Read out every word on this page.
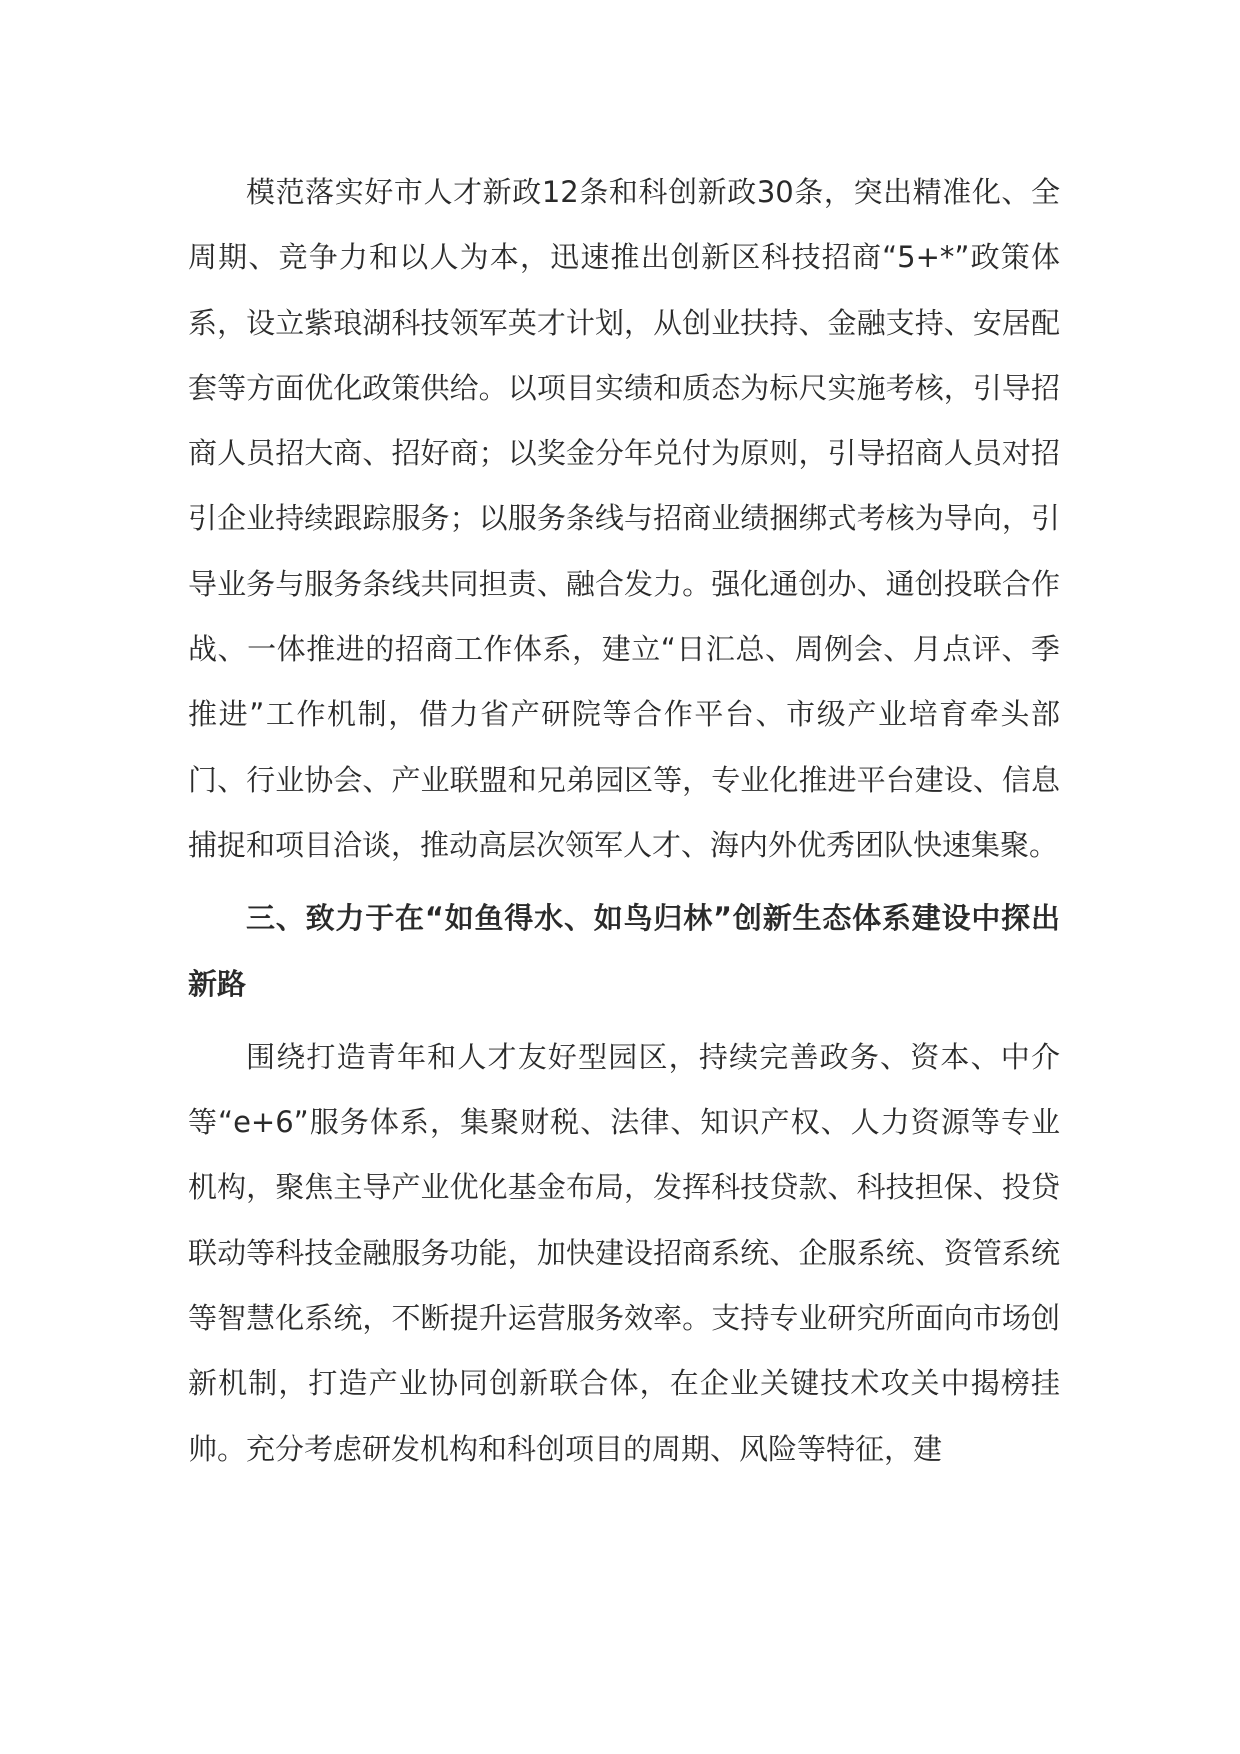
模范落实好市人才新政12条和科创新政30条，突出精准化、全周期、竞争力和以人为本，迅速推出创新区科技招商“5+*”政策体系，设立紫琅湖科技领军英才计划，从创业扶持、金融支持、安居配套等方面优化政策供给。以项目实绩和质态为标尺实施考核，引导招商人员招大商、招好商；以奖金分年兑付为原则，引导招商人员对招引企业持续跟踪服务；以服务条线与招商业绩捆绑式考核为导向，引导业务与服务条线共同担责、融合发力。强化通创办、通创投联合作战、一体推进的招商工作体系，建立“日汇总、周例会、月点评、季推进”工作机制，借力省产研院等合作平台、市级产业培育牵头部门、行业协会、产业联盟和兄弟园区等，专业化推进平台建设、信息捕捉和项目洽谈，推动高层次领军人才、海内外优秀团队快速集聚。

三、致力于在“如鱼得水、如鸟归林”创新生态体系建设中探出新路

围绕打造青年和人才友好型园区，持续完善政务、资本、中介等“e+6”服务体系，集聚财税、法律、知识产权、人力资源等专业机构，聚焦主导产业优化基金布局，发挥科技贷款、科技担保、投贷联动等科技金融服务功能，加快建设招商系统、企服系统、资管系统等智慧化系统，不断提升运营服务效率。支持专业研究所面向市场创新机制，打造产业协同创新联合体，在企业关键技术攻关中揭榜挂帅。充分考虑研发机构和科创项目的周期、风险等特征，建
